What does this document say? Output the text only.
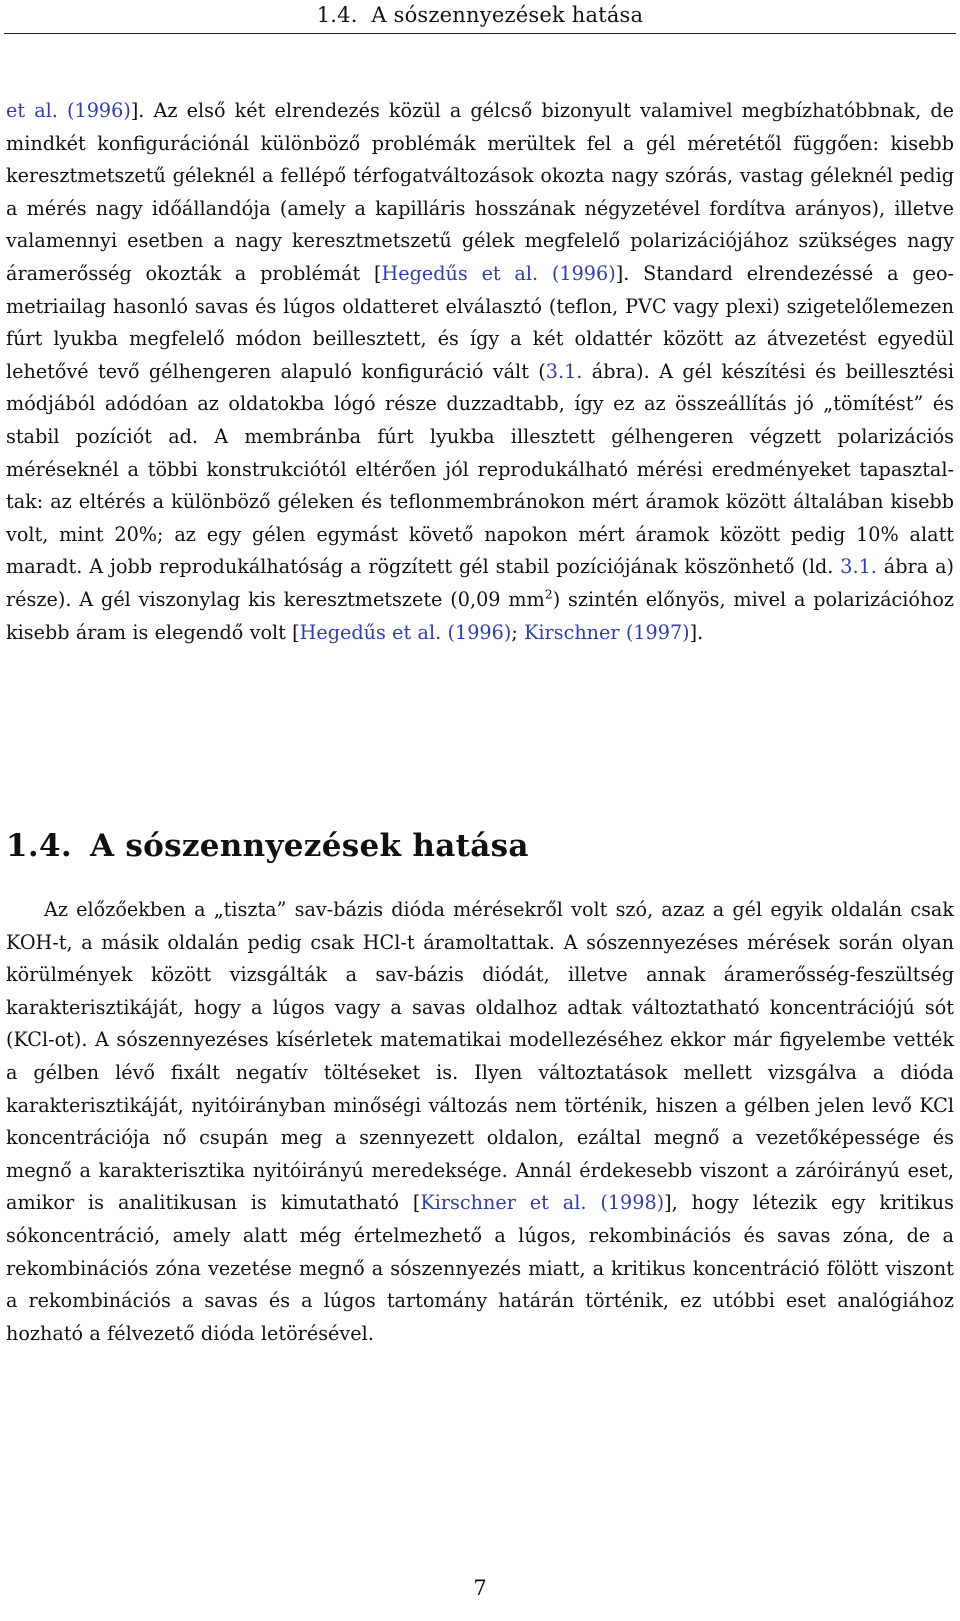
1.4. A sószennyezések hatása
et al. (1996)]. Az első két elrendezés közül a gélcső bizonyult valamivel megbízhatóbbnak, de mindkét konfigurációnál különböző problémák merültek fel a gél méretétől függően: kisebb keresztmetszetű géleknél a fellépő térfogatváltozások okozta nagy szórás, vastag géleknél pedig a mérés nagy időállandója (amely a kapilláris hosszának négyzetével fordítva arányos), illetve valamennyi esetben a nagy keresztmetszetű gélek megfelelő polarizációjához szükséges nagy áramerősség okozták a problémát [Hegedűs et al. (1996)]. Standard elrendezéssé a geometriailag hasonló savas és lúgos oldatteret elválasztó (teflon, PVC vagy plexi) szigetelőlemezen fúrt lyukba megfelelő módon beillesztett, és így a két oldattér között az átvezetést egyedül lehetővé tevő gélhengeren alapuló konfiguráció vált (3.1. ábra). A gél készítési és beillesztési módjából adódóan az oldatokba lógó része duzzadtabb, így ez az összeállítás jó „tömítést” és stabil pozíciót ad. A membránba fúrt lyukba illesztett gélhengeren végzett polarizációs méréseknél a többi konstrukciótól eltérően jól reprodukálható mérési eredményeket tapasztaltak: az eltérés a különböző géleken és teflonmembránokon mért áramok között általában kisebb volt, mint 20%; az egy gélen egymást követő napokon mért áramok között pedig 10% alatt maradt. A jobb reprodukálhatóság a rögzített gél stabil pozíciójának köszönhető (ld. 3.1. ábra a) része). A gél viszonylag kis keresztmetszete (0,09 $mm^2$) szintén előnyös, mivel a polarizációhoz kisebb áram is elegendő volt [Hegedűs et al. (1996); Kirschner (1997)].
1.4. A sószennyezések hatása
Az előzőekben a „tiszta” sav-bázis dióda mérésekről volt szó, azaz a gél egyik oldalán csak KOH-t, a másik oldalán pedig csak HCl-t áramoltattak. A sószennyezéses mérések során olyan körülmények között vizsgálták a sav-bázis diódát, illetve annak áramerősség-feszültség karakterisztikáját, hogy a lúgos vagy a savas oldalhoz adtak változtatható koncentrációjú sót (KCl-ot). A sószennyezéses kísérletek matematikai modellezéséhez ekkor már figyelembe vették a gélben lévő fixált negatív töltéseket is. Ilyen változtatások mellett vizsgálva a dióda karakterisztikáját, nyitóirányban minőségi változás nem történik, hiszen a gélben jelen levő KCl koncentrációja nő csupán meg a szennyezett oldalon, ezáltal megnő a vezetőképessége és megnő a karakterisztika nyitóirányú meredeksége. Annál érdekesebb viszont a záróirányú eset, amikor is analitikusan is kimutatható [Kirschner et al. (1998)], hogy létezik egy kritikus sókoncentráció, amely alatt még értelmezhető a lúgos, rekombinációs és savas zóna, de a rekombinációs zóna vezetése megnő a sószennyezés miatt, a kritikus koncentráció fölött viszont a rekombinációs a savas és a lúgos tartomány határán történik, ez utóbbi eset analógiához hozható a félvezető dióda letörésével.
7
